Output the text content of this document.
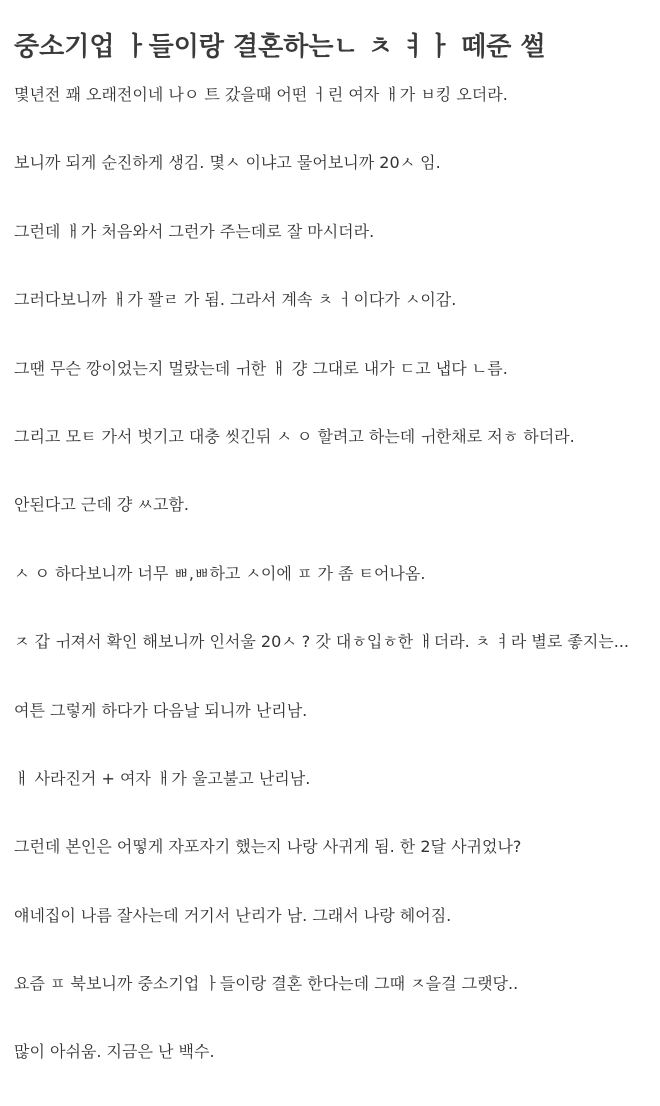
중소기업 ㅏ들이랑 결혼하는ㄴ ㅊ ㅕㅏ 떼준 썰

몇년전 꽤 오래전이네 나ㅇ 트 갔을때 어떤 ㅓ린 여자 ㅐ가 ㅂ킹 오더라.

보니까 되게 순진하게 생김. 몇ㅅ 이냐고 물어보니까 20ㅅ 임.

그런데 ㅐ가 처음와서 그런가 주는데로 잘 마시더라.

그러다보니까 ㅐ가 꽐ㄹ 가 됨. 그라서 계속 ㅊ ㅓ이다가 ㅅ이감.

그땐 무슨 깡이었는지 멀랐는데 ㅟ한 ㅐ 걍 그대로 내가 ㄷ고 냅다 ㄴ름.

그리고 모ㅌ 가서 벗기고 대충 씻긴뒤 ㅅ ㅇ 할려고 하는데 ㅟ한채로 저ㅎ 하더라.

안된다고 근데 걍 ㅆ고함.

ㅅ ㅇ 하다보니까 너무 ㅃ,ㅃ하고 ㅅ이에 ㅍ 가 좀 ㅌ어나옴.

ㅈ 갑 ㅟ져서 확인 해보니까 인서울 20ㅅ ? 갓 대ㅎ입ㅎ한 ㅐ더라. ㅊ ㅕ라 별로 좋지는...

여튼 그렇게 하다가 다음날 되니까 난리남.

ㅐ 사라진거 + 여자 ㅐ가 울고불고 난리남.

그런데 본인은 어떻게 자포자기 했는지 나랑 사귀게 됨. 한 2달 사귀었나?

얘네집이 나름 잘사는데 거기서 난리가 남. 그래서 나랑 헤어짐.

요즘 ㅍ 북보니까 중소기업 ㅏ들이랑 결혼 한다는데 그때 ㅈ을걸 그랫당..

많이 아쉬움. 지금은 난 백수.
